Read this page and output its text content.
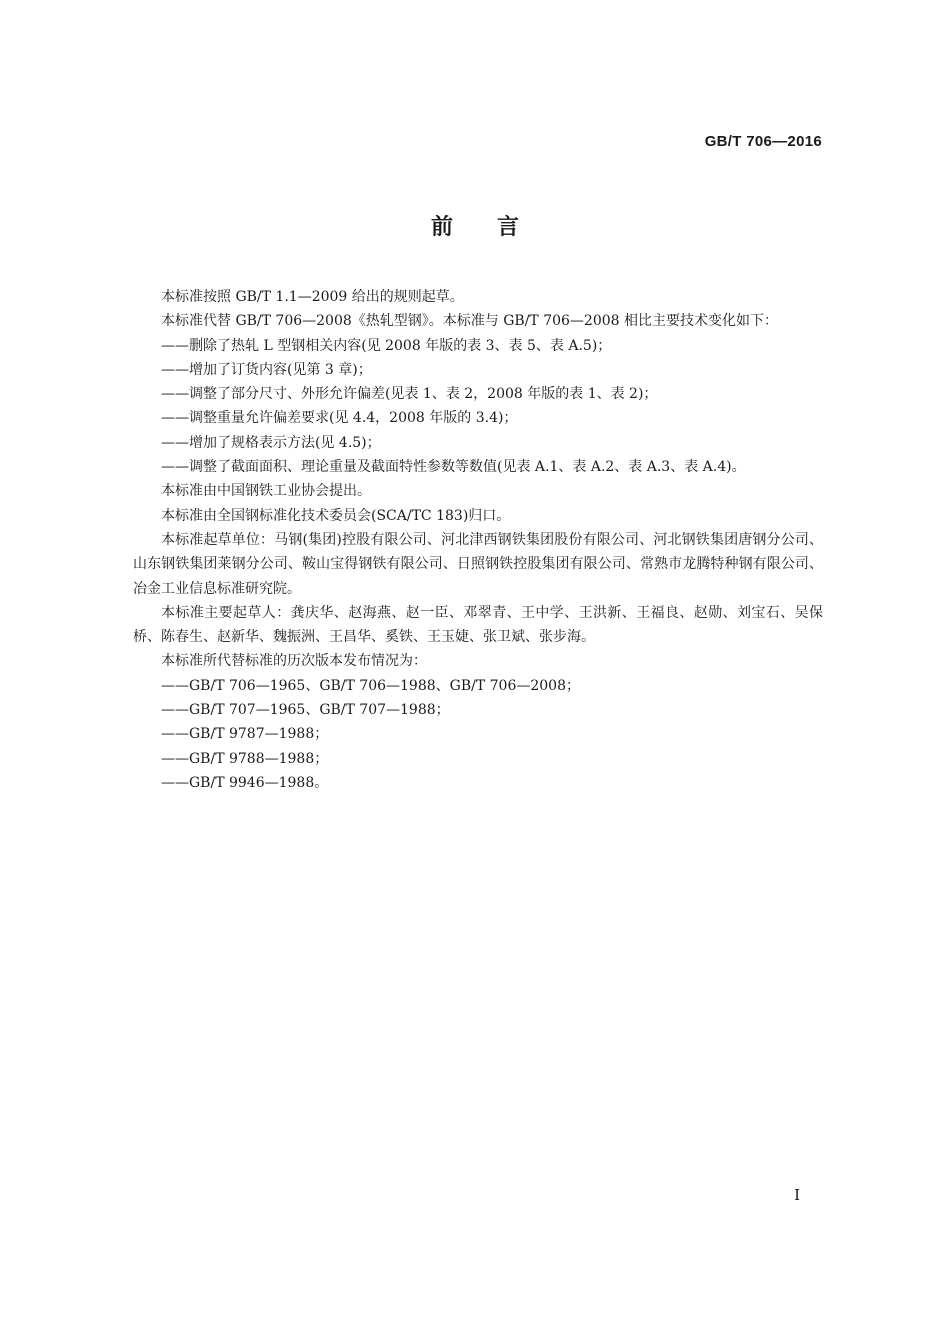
GB/T 706—2016
前言

本标准按照 GB/T 1.1—2009 给出的规则起草。

本标准代替 GB/T 706—2008《热轧型钢》。本标准与 GB/T 706—2008 相比主要技术变化如下：

——删除了热轧 L 型钢相关内容(见 2008 年版的表 3、表 5、表 A.5)；

——增加了订货内容(见第 3 章)；

——调整了部分尺寸、外形允许偏差(见表 1、表 2，2008 年版的表 1、表 2)；

——调整重量允许偏差要求(见 4.4，2008 年版的 3.4)；

——增加了规格表示方法(见 4.5)；

——调整了截面面积、理论重量及截面特性参数等数值(见表 A.1、表 A.2、表 A.3、表 A.4)。

本标准由中国钢铁工业协会提出。

本标准由全国钢标准化技术委员会(SCA/TC 183)归口。

本标准起草单位：马钢(集团)控股有限公司、河北津西钢铁集团股份有限公司、河北钢铁集团唐钢分公司、山东钢铁集团莱钢分公司、鞍山宝得钢铁有限公司、日照钢铁控股集团有限公司、常熟市龙腾特种钢有限公司、冶金工业信息标准研究院。

本标准主要起草人：龚庆华、赵海燕、赵一臣、邓翠青、王中学、王洪新、王福良、赵勋、刘宝石、吴保桥、陈春生、赵新华、魏振洲、王昌华、奚铁、王玉婕、张卫斌、张步海。

本标准所代替标准的历次版本发布情况为：

——GB/T 706—1965、GB/T 706—1988、GB/T 706—2008；

——GB/T 707—1965、GB/T 707—1988；

——GB/T 9787—1988；

——GB/T 9788—1988；

——GB/T 9946—1988。

I
